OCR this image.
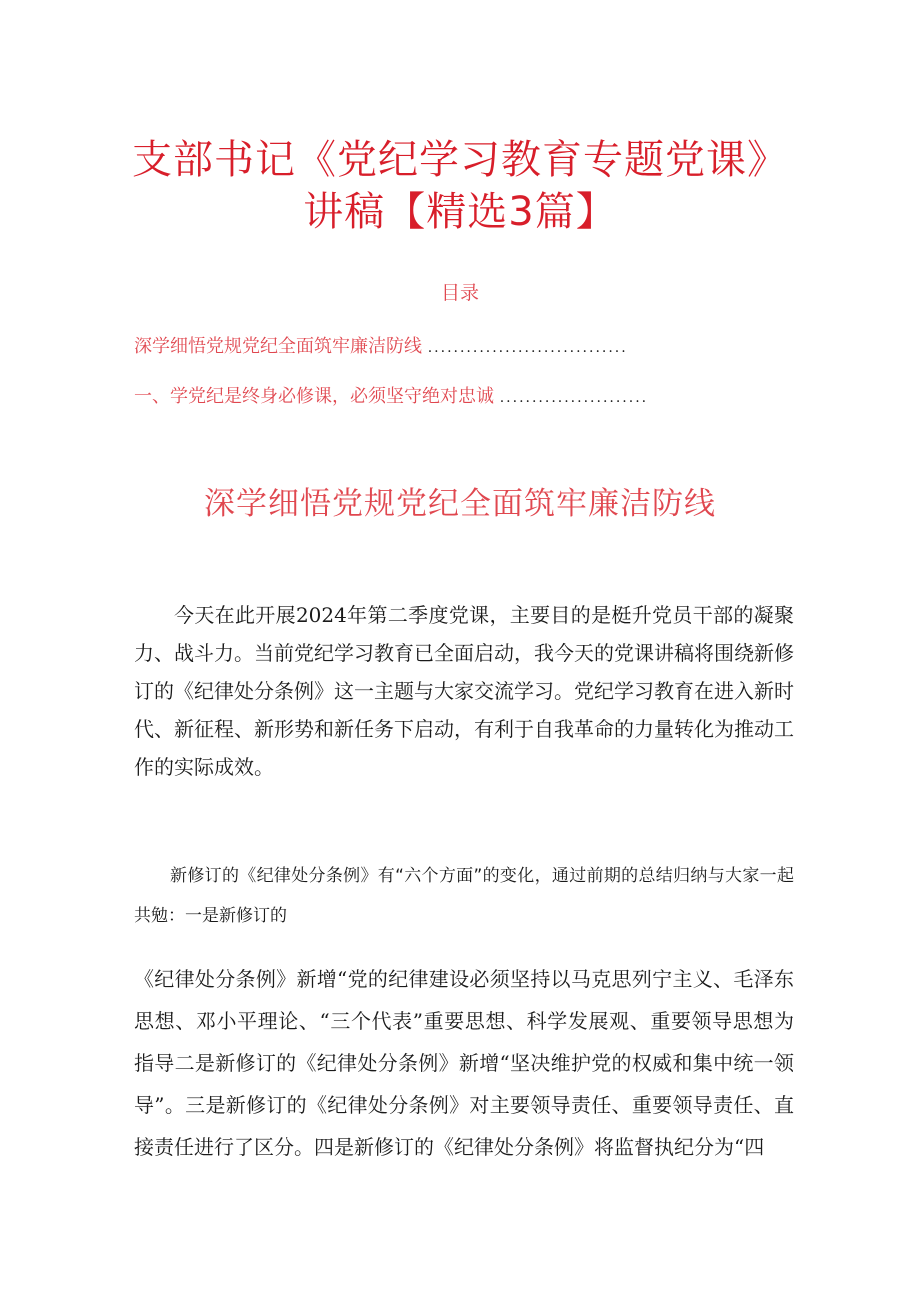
支部书记《党纪学习教育专题党课》
讲稿【精选3篇】
目录
深学细悟党规党纪全面筑牢廉洁防线 ...............................
一、学党纪是终身必修课，必须坚守绝对忠诚 .......................
深学细悟党规党纪全面筑牢廉洁防线
今天在此开展2024年第二季度党课，主要目的是梃升党员干部的凝聚力、战斗力。当前党纪学习教育已全面启动，我今天的党课讲稿将围绕新修订的《纪律处分条例》这一主题与大家交流学习。党纪学习教育在进入新时代、新征程、新形势和新任务下启动，有利于自我革命的力量转化为推动工作的实际成效。
新修订的《纪律处分条例》有“六个方面”的变化，通过前期的总结归纳与大家一起共勉：一是新修订的
《纪律处分条例》新增“党的纪律建设必须坚持以马克思列宁主义、毛泽东思想、邓小平理论、“三个代表”重要思想、科学发展观、重要领导思想为指导二是新修订的《纪律处分条例》新增“坚决维护党的权威和集中统一领导”。三是新修订的《纪律处分条例》对主要领导责任、重要领导责任、直接责任进行了区分。四是新修订的《纪律处分条例》将监督执纪分为“四
